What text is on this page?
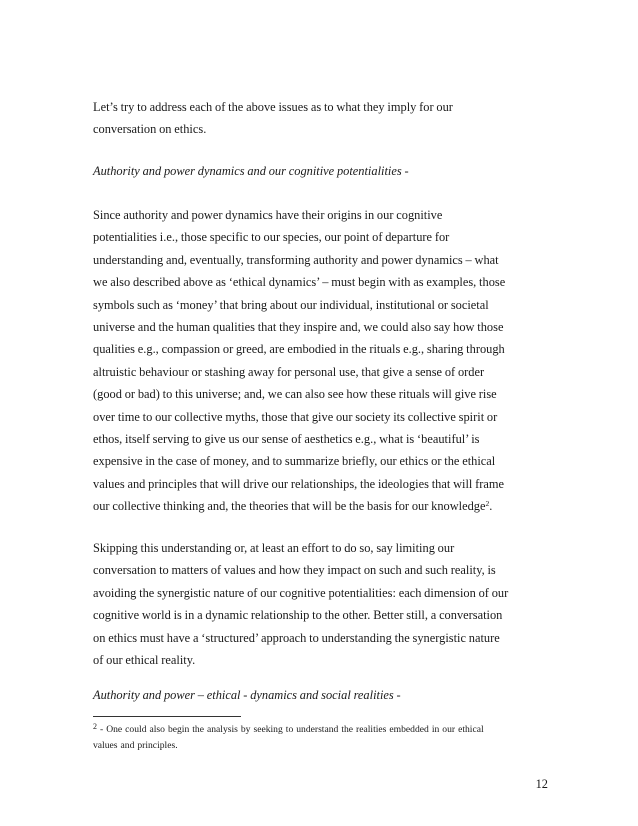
Let’s try to address each of the above issues as to what they imply for our
conversation on ethics.
Authority and power dynamics and our cognitive potentialities -
Since authority and power dynamics have their origins in our cognitive
potentialities i.e., those specific to our species, our point of departure for
understanding and, eventually, transforming authority and power dynamics – what
we also described above as ‘ethical dynamics’ – must begin with as examples, those
symbols such as ‘money’ that bring about our individual, institutional or societal
universe and the human qualities that they inspire and, we could also say how those
qualities e.g., compassion or greed, are embodied in the rituals e.g., sharing through
altruistic behaviour or stashing away for personal use, that give a sense of order
(good or bad) to this universe; and, we can also see how these rituals will give rise
over time to our collective myths, those that give our society its collective spirit or
ethos, itself serving to give us our sense of aesthetics e.g., what is ‘beautiful’ is
expensive in the case of money, and to summarize briefly, our ethics or the ethical
values and principles that will drive our relationships, the ideologies that will frame
our collective thinking and, the theories that will be the basis for our knowledge$^2$.
Skipping this understanding or, at least an effort to do so, say limiting our
conversation to matters of values and how they impact on such and such reality, is
avoiding the synergistic nature of our cognitive potentialities: each dimension of our
cognitive world is in a dynamic relationship to the other. Better still, a conversation
on ethics must have a ‘structured’ approach to understanding the synergistic nature
of our ethical reality.
Authority and power – ethical - dynamics and social realities -
$^2$ - One could also begin the analysis by seeking to understand the realities embedded in our ethical
values and principles.
12
